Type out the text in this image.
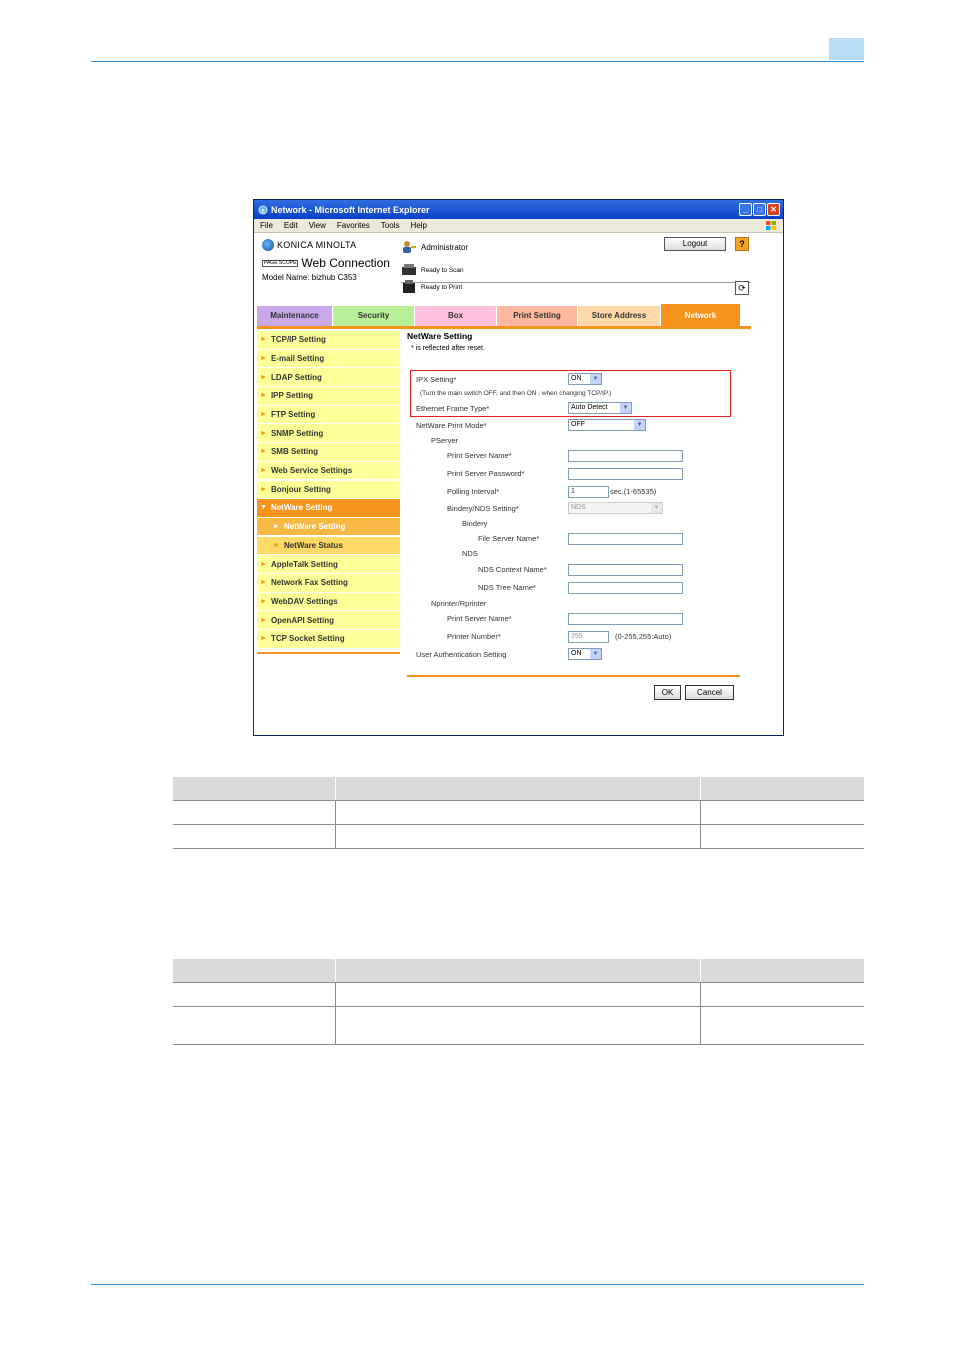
e Network - Microsoft Internet Explorer	_	□	✕
File Edit View Favorites Tools Help
KONICA MINOLTA
PAGE SCOPE Web Connection
Model Name: bizhub C353
Administrator	Logout	?
Ready to Scan
Ready to Print	⟳
Maintenance	Security	Box	Print Setting	Store Address	Network
► TCP/IP Setting
► E-mail Setting
► LDAP Setting
► IPP Setting
► FTP Setting
► SNMP Setting
► SMB Setting
► Web Service Settings
► Bonjour Setting
▼ NetWare Setting
► NetWare Setting
► NetWare Status
► AppleTalk Setting
► Network Fax Setting
► WebDAV Settings
► OpenAPI Setting
► TCP Socket Setting
NetWare Setting
* is reflected after reset.
IPX Setting*	ON	▼
(Turn the main switch OFF, and then ON , when changing TCP/IP.)
Ethernet Frame Type*	Auto Detect	▼
NetWare Print Mode*	OFF	▼
PServer
Print Server Name*
Print Server Password*
Polling Interval*	1	sec.(1-65535)
Bindery/NDS Setting*	NDS	▼
Bindery
File Server Name*
NDS
NDS Context Name*
NDS Tree Name*
Nprinter/Rprinter
Print Server Name*
Printer Number*	255	(0-255,255:Auto)
User Authentication Setting	ON	▼
OK	Cancel
